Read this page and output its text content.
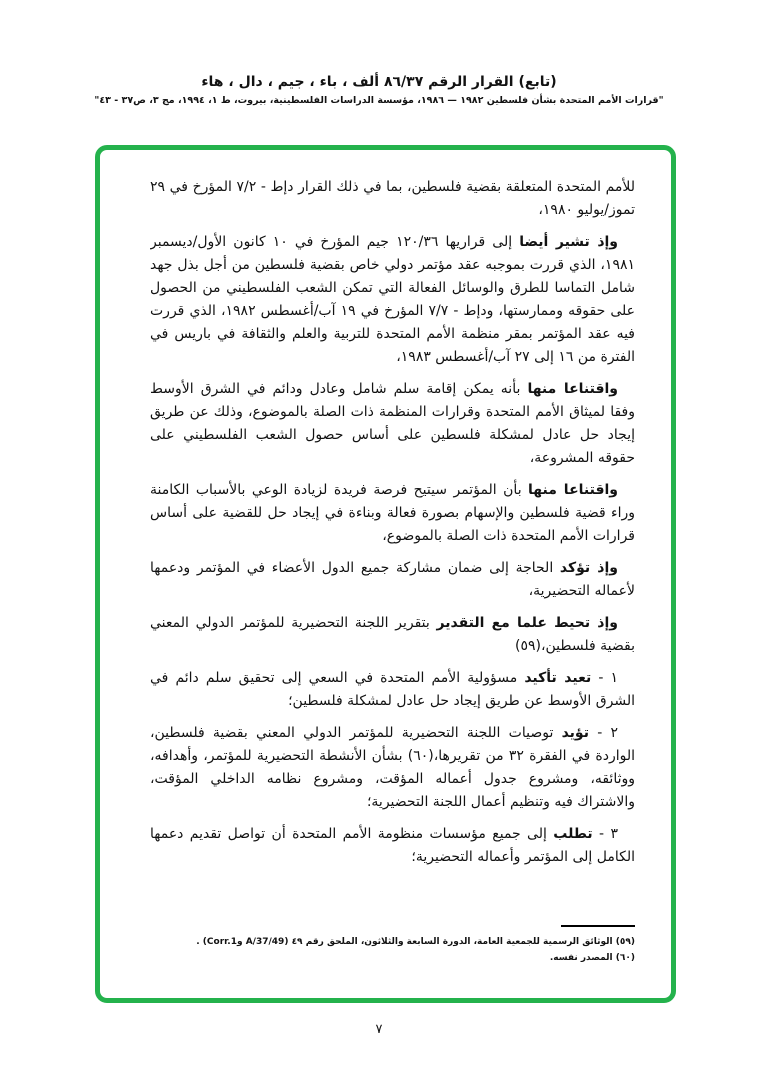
(تابع) القرار الرقم ٨٦/٣٧ ألف ، باء ، جيم ، دال ، هاء
"قرارات الأمم المتحدة بشأن فلسطين ١٩٨٢ — ١٩٨٦، مؤسسة الدراسات الفلسطينية، بيروت، ط ١، ١٩٩٤، مج ٣، ص٣٧ - ٤٣"

للأمم المتحدة المتعلقة بقضية فلسطين، بما في ذلك القرار دإط - ٧/٢ المؤرخ في ٢٩ تموز/يوليو ١٩٨٠،

وإذ تشير أيضا إلى قراريها ١٢٠/٣٦ جيم المؤرخ في ١٠ كانون الأول/ديسمبر ١٩٨١، الذي قررت بموجبه عقد مؤتمر دولي خاص بقضية فلسطين من أجل بذل جهد شامل التماسا للطرق والوسائل الفعالة التي تمكن الشعب الفلسطيني من الحصول على حقوقه وممارستها، ودإط - ٧/٧ المؤرخ في ١٩ آب/أغسطس ١٩٨٢، الذي قررت فيه عقد المؤتمر بمقر منظمة الأمم المتحدة للتربية والعلم والثقافة في باريس في الفترة من ١٦ إلى ٢٧ آب/أغسطس ١٩٨٣،

واقتناعا منها بأنه يمكن إقامة سلم شامل وعادل ودائم في الشرق الأوسط وفقا لميثاق الأمم المتحدة وقرارات المنظمة ذات الصلة بالموضوع، وذلك عن طريق إيجاد حل عادل لمشكلة فلسطين على أساس حصول الشعب الفلسطيني على حقوقه المشروعة،

واقتناعا منها بأن المؤتمر سيتيح فرصة فريدة لزيادة الوعي بالأسباب الكامنة وراء قضية فلسطين والإسهام بصورة فعالة وبناءة في إيجاد حل للقضية على أساس قرارات الأمم المتحدة ذات الصلة بالموضوع،

وإذ تؤكد الحاجة إلى ضمان مشاركة جميع الدول الأعضاء في المؤتمر ودعمها لأعماله التحضيرية،

وإذ تحيط علما مع التقدير بتقرير اللجنة التحضيرية للمؤتمر الدولي المعني بقضية فلسطين،(٥٩)

١ - تعيد تأكيد مسؤولية الأمم المتحدة في السعي إلى تحقيق سلم دائم في الشرق الأوسط عن طريق إيجاد حل عادل لمشكلة فلسطين؛

٢ - تؤيد توصيات اللجنة التحضيرية للمؤتمر الدولي المعني بقضية فلسطين، الواردة في الفقرة ٣٢ من تقريرها،(٦٠) بشأن الأنشطة التحضيرية للمؤتمر، وأهدافه، ووثائقه، ومشروع جدول أعماله المؤقت، ومشروع نظامه الداخلي المؤقت، والاشتراك فيه وتنظيم أعمال اللجنة التحضيرية؛

٣ - تطلب إلى جميع مؤسسات منظومة الأمم المتحدة أن تواصل تقديم دعمها الكامل إلى المؤتمر وأعماله التحضيرية؛

(٥٩) الوثائق الرسمية للجمعية العامة، الدورة السابعة والثلاثون، الملحق رقم ٤٩ (A/37/49 وCorr.1) .
(٦٠) المصدر نفسه.
٧
